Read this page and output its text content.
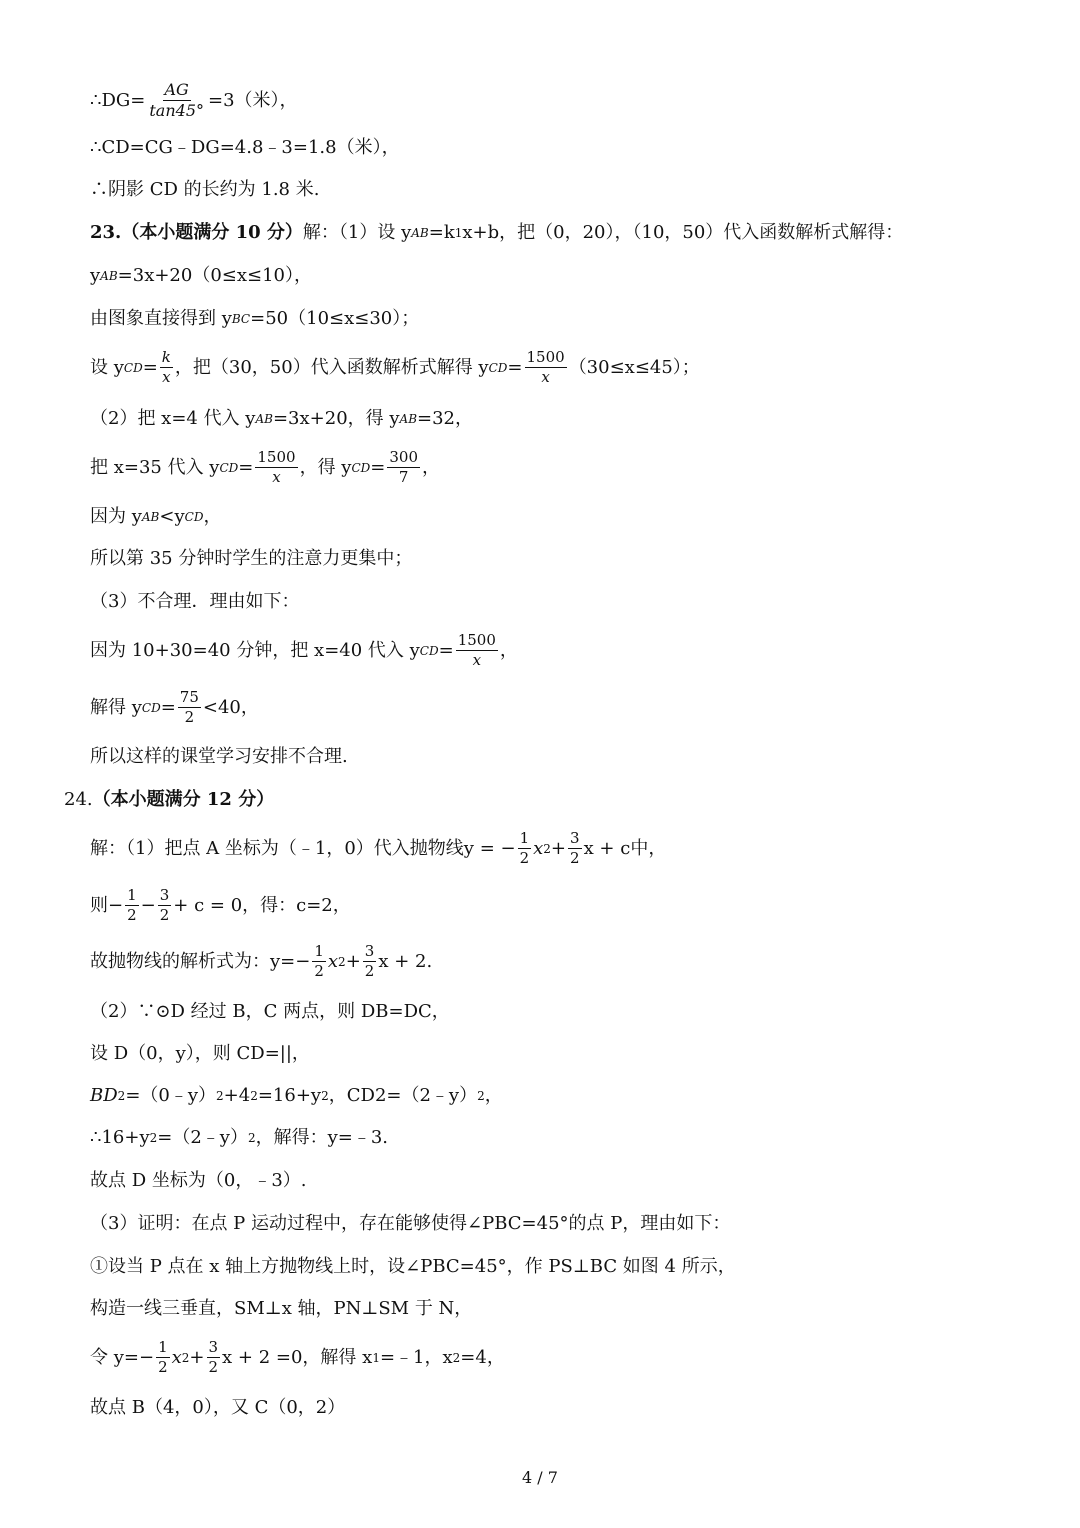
∴DG= $\frac{AG}{\tan 45^\circ} =3$（米），
∴CD=CG﹣DG=4.8﹣3=1.8（米），
∴阴影 CD 的长约为 1.8 米.
23.（本小题满分 10 分） 解：（1）设 y AB =k 1 x+b，把（0，20），（10，50）代入函数解析式解得：
y AB =3x+20（0≤x≤10），
由图象直接得到 y BC =50（10≤x≤30）；
设 y CD = $\frac{k}{x}$ ，把（30，50）代入函数解析式解得 y CD = $\frac{1500}{x} (30\le x\le 45)$；
（2）把 x=4 代入 y AB =3x+20，得 y AB =32，
把 x=35 代入 y CD = $\frac{1500}{x}$ ，得 y CD = $\frac{300}{7}$ ，
因为 y AB <y CD ，
所以第 35 分钟时学生的注意力更集中；
（3）不合理．理由如下：
因为 10+30=40 分钟，把 x=40 代入 y CD = $\frac{1500}{x}$ ，
解得 y CD = $\frac{75}{2} <40$，
所以这样的课堂学习安排不合理.
24. （本小题满分 12 分）
解：（1）把点 A 坐标为（﹣1，0）代入抛物线y = − $\frac{1}{2}$ x $2 + \frac{3}{2}$ x + c中，
则− $\frac{1}{2} - \frac{3}{2} + c = 0$，得：c=2，
故抛物线的解析式为：$y=- \frac{1}{2}$ x $2 + \frac{3}{2}$ x + 2.
（2）∵⊙D 经过 B，C 两点，则 DB=DC，
设 D（0，y），则 CD=||，
BD 2 =（0﹣y） 2 +4 2 =16+y 2 ，CD2=（2﹣y） 2 ，
∴16+y 2 =（2﹣y） 2 ，解得：y=﹣3.
故点 D 坐标为（0，﹣3）.
（3）证明：在点 P 运动过程中，存在能够使得∠PBC=45°的点 P，理由如下：
①设当 P 点在 x 轴上方抛物线上时，设∠PBC=45°，作 PS⊥BC 如图 4 所示，
构造一线三垂直，SM⊥x 轴，PN⊥SM 于 N，
令 $y=- \frac{1}{2}$ x $2 + \frac{3}{2}$ x + 2 =0，解得 x 1 =﹣1，x 2 =4，
故点 B（4，0），又 C（0，2）
4 / 7
